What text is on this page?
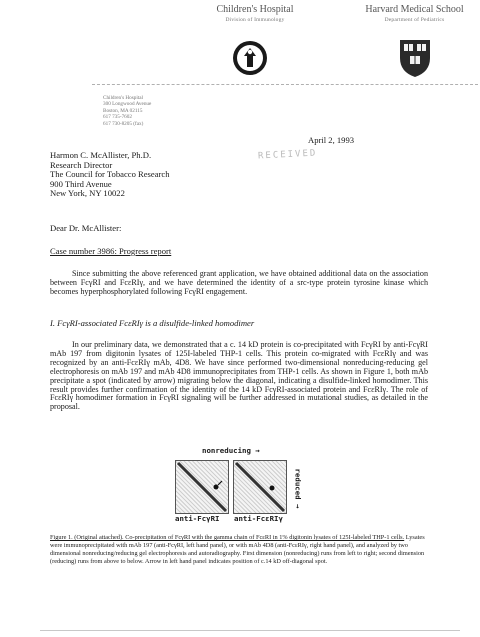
Children's Hospital
Division of Immunology
Harvard Medical School
Department of Pediatrics
Children's Hospital
300 Longwood Avenue
Boston, MA 02115
617 735-7602
617 730-8205 (fax)
April 2, 1993
RECEIVED
Harmon C. McAllister, Ph.D.
Research Director
The Council for Tobacco Research
900 Third Avenue
New York, NY 10022
Dear Dr. McAllister:
Case number 3986: Progress report
Since submitting the above referenced grant application, we have obtained additional data on the association between FcγRI and FcεRIγ, and we have determined the identity of a src-type protein tyrosine kinase which becomes hyperphosphorylated following FcγRI engagement.
I. FcγRI-associated FcεRIγ is a disulfide-linked homodimer
In our preliminary data, we demonstrated that a c. 14 kD protein is co-precipitated with FcγRI by anti-FcγRI mAb 197 from digitonin lysates of 125I-labeled THP-1 cells. This protein co-migrated with FcεRIγ and was recognized by an anti-FcεRIγ mAb, 4D8. We have since performed two-dimensional nonreducing-reducing gel electrophoresis on mAb 197 and mAb 4D8 immunoprecipitates from THP-1 cells. As shown in Figure 1, both mAb precipitate a spot (indicated by arrow) migrating below the diagonal, indicating a disulfide-linked homodimer. This result provides further confirmation of the identity of the 14 kD FcγRI-associated protein and FcεRIγ. The role of FcεRIγ homodimer formation in FcγRI signaling will be further addressed in mutational studies, as detailed in the proposal.
nonreducing →
reduced →
anti-FcγRI anti-FcεRIγ
Figure 1. (Original attached). Co-precipitation of FcγRI with the gamma chain of FcεRI in 1% digitonin lysates of 125I-labeled THP-1 cells. Lysates were immunoprecipitated with mAb 197 (anti-FcγRI, left hand panel), or with mAb 4D8 (anti-FcεRIγ, right hand panel), and analyzed by two dimensional nonreducing/reducing gel electrophoresis and autoradiography. First dimension (nonreducing) runs from left to right; second dimension (reducing) runs from above to below. Arrow in left hand panel indicates position of c.14 kD off-diagonal spot.
